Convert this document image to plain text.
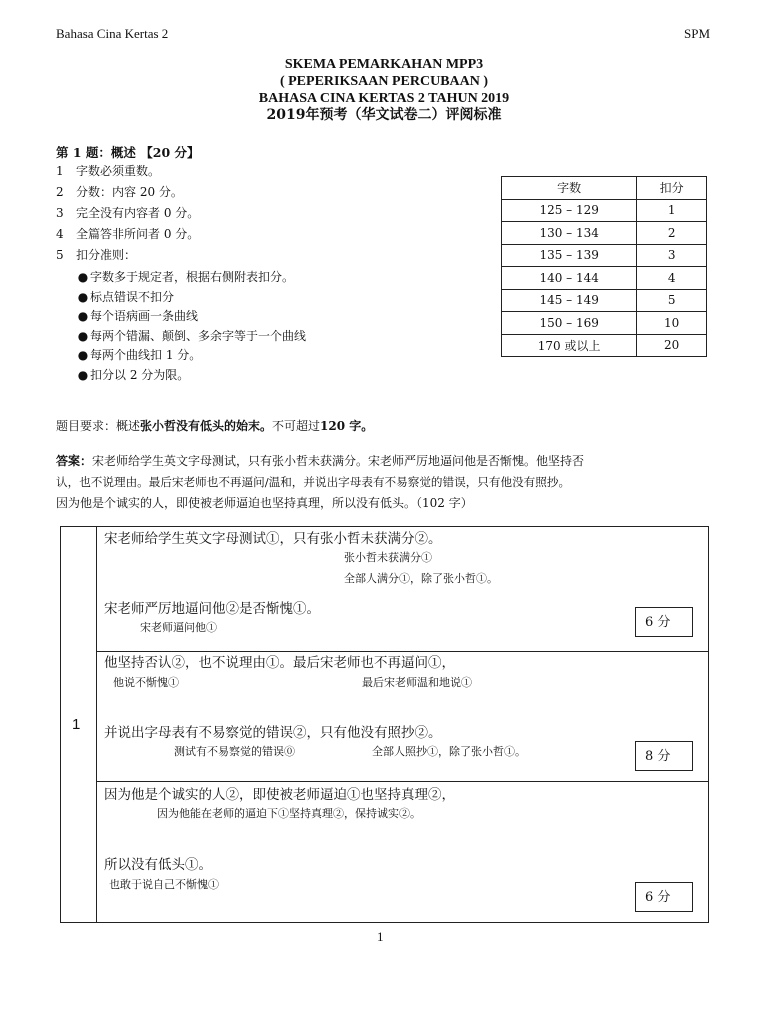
Bahasa Cina Kertas 2	SPM
SKEMA PEMARKAHAN MPP3
( PEPERIKSAAN PERCUBAAN )
BAHASA CINA KERTAS 2 TAHUN 2019
2019年预考（华文试卷二）评阅标准
第 1 题：概述 【20 分】
1 字数必须重数。
2 分数：内容 20 分。
3 完全没有内容者 0 分。
4 全篇答非所问者 0 分。
5 扣分准则：
● 字数多于规定者，根据右侧附表扣分。
● 标点错误不扣分
● 每个语病画一条曲线
● 每两个错漏、颠倒、多余字等于一个曲线
● 每两个曲线扣 1 分。
● 扣分以 2 分为限。
字数	扣分
125 – 129	1
130 – 134	2
135 – 139	3
140 – 144	4
145 – 149	5
150 – 169	10
170 或以上	20
题目要求：概述张小哲没有低头的始末。不可超过120 字。
答案：宋老师给学生英文字母测试，只有张小哲未获满分。宋老师严厉地逼问他是否惭愧。他坚持否
认，也不说理由。最后宋老师也不再逼问/温和，并说出字母表有不易察觉的错误，只有他没有照抄。
因为他是个诚实的人，即使被老师逼迫也坚持真理，所以没有低头。（102 字）
1
宋老师给学生英文字母测试①，只有张小哲未获满分②。
张小哲未获满分①
全部人满分①，除了张小哲①。
宋老师严厉地逼问他②是否惭愧①。
宋老师逼问他①	6 分
他坚持否认②，也不说理由①。最后宋老师也不再逼问①，
他说不惭愧①	最后宋老师温和地说①
并说出字母表有不易察觉的错误②，只有他没有照抄②。
测试有不易察觉的错误⓪	全部人照抄①，除了张小哲①。	8 分
因为他是个诚实的人②，即使被老师逼迫①也坚持真理②，
因为他能在老师的逼迫下①坚持真理②，保持诚实②。
所以没有低头①。
也敢于说自己不惭愧①
6 分
1
